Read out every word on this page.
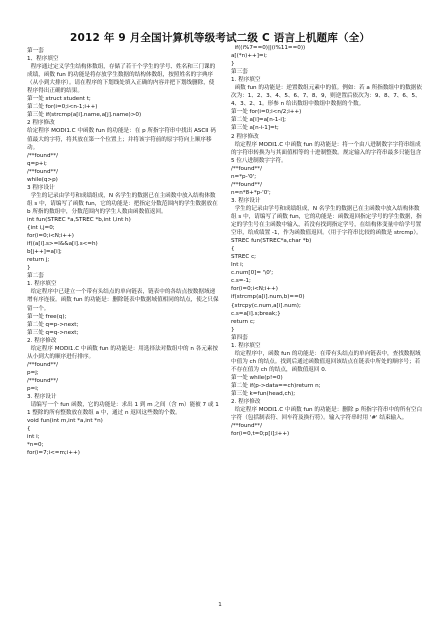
2012 年 9 月全国计算机等级考试二级 C 语言上机题库（全）
第一套
1、程序填空
程序通过定义学生结构体数组，存储了若干个学生的学号、姓名和三门课的成绩，函数 fun 的功能是将存放学生数据的结构体数组，按照姓名的字典序（从小到大排序）。请在程序的下划线处填入正确的内容并把下划线删除，使程序得出正确的结果。
第一处 struct student t;
第二处 for(i=0;i<n-1;i++)
第三处 if(strcmp(a[i].name,a[j].name)>0)
2 程序修改
给定程序 MODI1.C 中函数 fun 的功能是：在 p 所指字符串中找出 ASCII 码值最大的字符，将其放在第一个位置上；并将该字符前的原字符向上顺序移动。
/**found**/
q=p+i;
/**found**/
while(q>p)
3 程序设计
学生的记录由学号和成绩组成，N 名学生的数据已在主函数中放入结构体数组 s 中，请编写了函数 fun，它的功能是：把指定分数范围内的学生数据放在 b 所指的数组中，分数范围内的学生人数由函数值返回。
int fun(STREC *a,STREC *b,int l,int h)
{int i,j=0;
for(i=0;i<N;i++)
if((a[i].s>=l&&a[i].s<=h)
b[j++]=a[i];
return j;
}
第二套
1. 程序填空
给定程序中已建立一个带有头结点的单向链表，链表中的各结点按数据域递增有序连接。函数 fun 的功能是：删除链表中数据域值相同的结点，使之只保留一个。
第一处 free(q);
第二处 q=p->next;
第三处 q=q->next;
2. 程序修改
给定程序 MODI1.C 中函数 fun 的功能是：用选择法对数组中的 n 各元素按从小到大的顺序进行排序。
/**found**/
p=j;
/**found**/
p=i;
3. 程序设计
请编写一个 fun 函数，它的功能是：求出 1 到 m 之间（含 m）能被 7 或 11 整除的所有整数放在数组 a 中，通过 n 返回这些数的个数。
void fun(int m,int *a,int *n)
{
int i;
*n=0;
for(i=7;i<=m;i++)
if((i%7==0)||(i%11==0))
a[(*n)++]=i;
}
第三套
1. 程序填空
函数 fun 的功能是：逆置数组元素中的值。例如：若 a 所指数组中的数据依次为：1、2、3、4、5、6、7、8、9，则逆置后依次为：9、8、7、6、5、4、3、2、1。形参 n 给出数组中数组中数据的个数。
第一处 for(i=0;i<n/2;i++)
第二处 a[i]=a[n-1-i];
第三处 a[n-i-1]=t;
2 程序修改
给定程序 MODI1.C 中函数 fun 的功能是：将一个由八进制数字字符串组成的字符串转换为与其面值相等的十进制整数。规定输入的字符串最多只能包含 5 位八进制数字字符。
/**found**/
n=*p-'0';
/**found**/
n=n*8+*p-'0';
3. 程序设计
学生的记录由学号和成绩组成，N 名学生的数据已在主函数中放入结构体数组 s 中，请编写了函数 fun，它的功能是：函数返回指定学号的学生数据，指定的学生号在主函数中输入，若没有找到指定学号，在结构体变量中给学号置空串，给成绩置 -1，作为函数值返回。（用于字符串比较的函数是 strcmp）。
STREC fun(STREC*a,char *b)
{
STREC c;
Int i;
c.num[0]= '\0';
c.s=-1;
for(i=0;i<N;i++)
if(strcmp(a[i].num,b)==0)
{strcpy(c.num,a[i].num);
c.s=a[i].s;break;}
return c;
}
第四套
1. 程序填空
给定程序中，函数 fun 的功能是：在带有头结点的单向链表中，查找数据域中值为 ch 的结点。找到后通过函数值返回该结点在链表中所处的顺序号；若不存在值为 ch 的结点，函数值返回 0.
第一处 while(p!=0)
第二处 if(p->data==ch)return n;
第三处 k=fun(head,ch);
2. 程序修改
给定程序 MODI1.C 中函数 fun 的功能是：删除 p 所指字符串中的所有空白字符（包括制表符、回车符及换行符）。输入字符串时用 '#' 结束输入。
/**found**/
for(i=0,t=0;p[i];i++)
1
